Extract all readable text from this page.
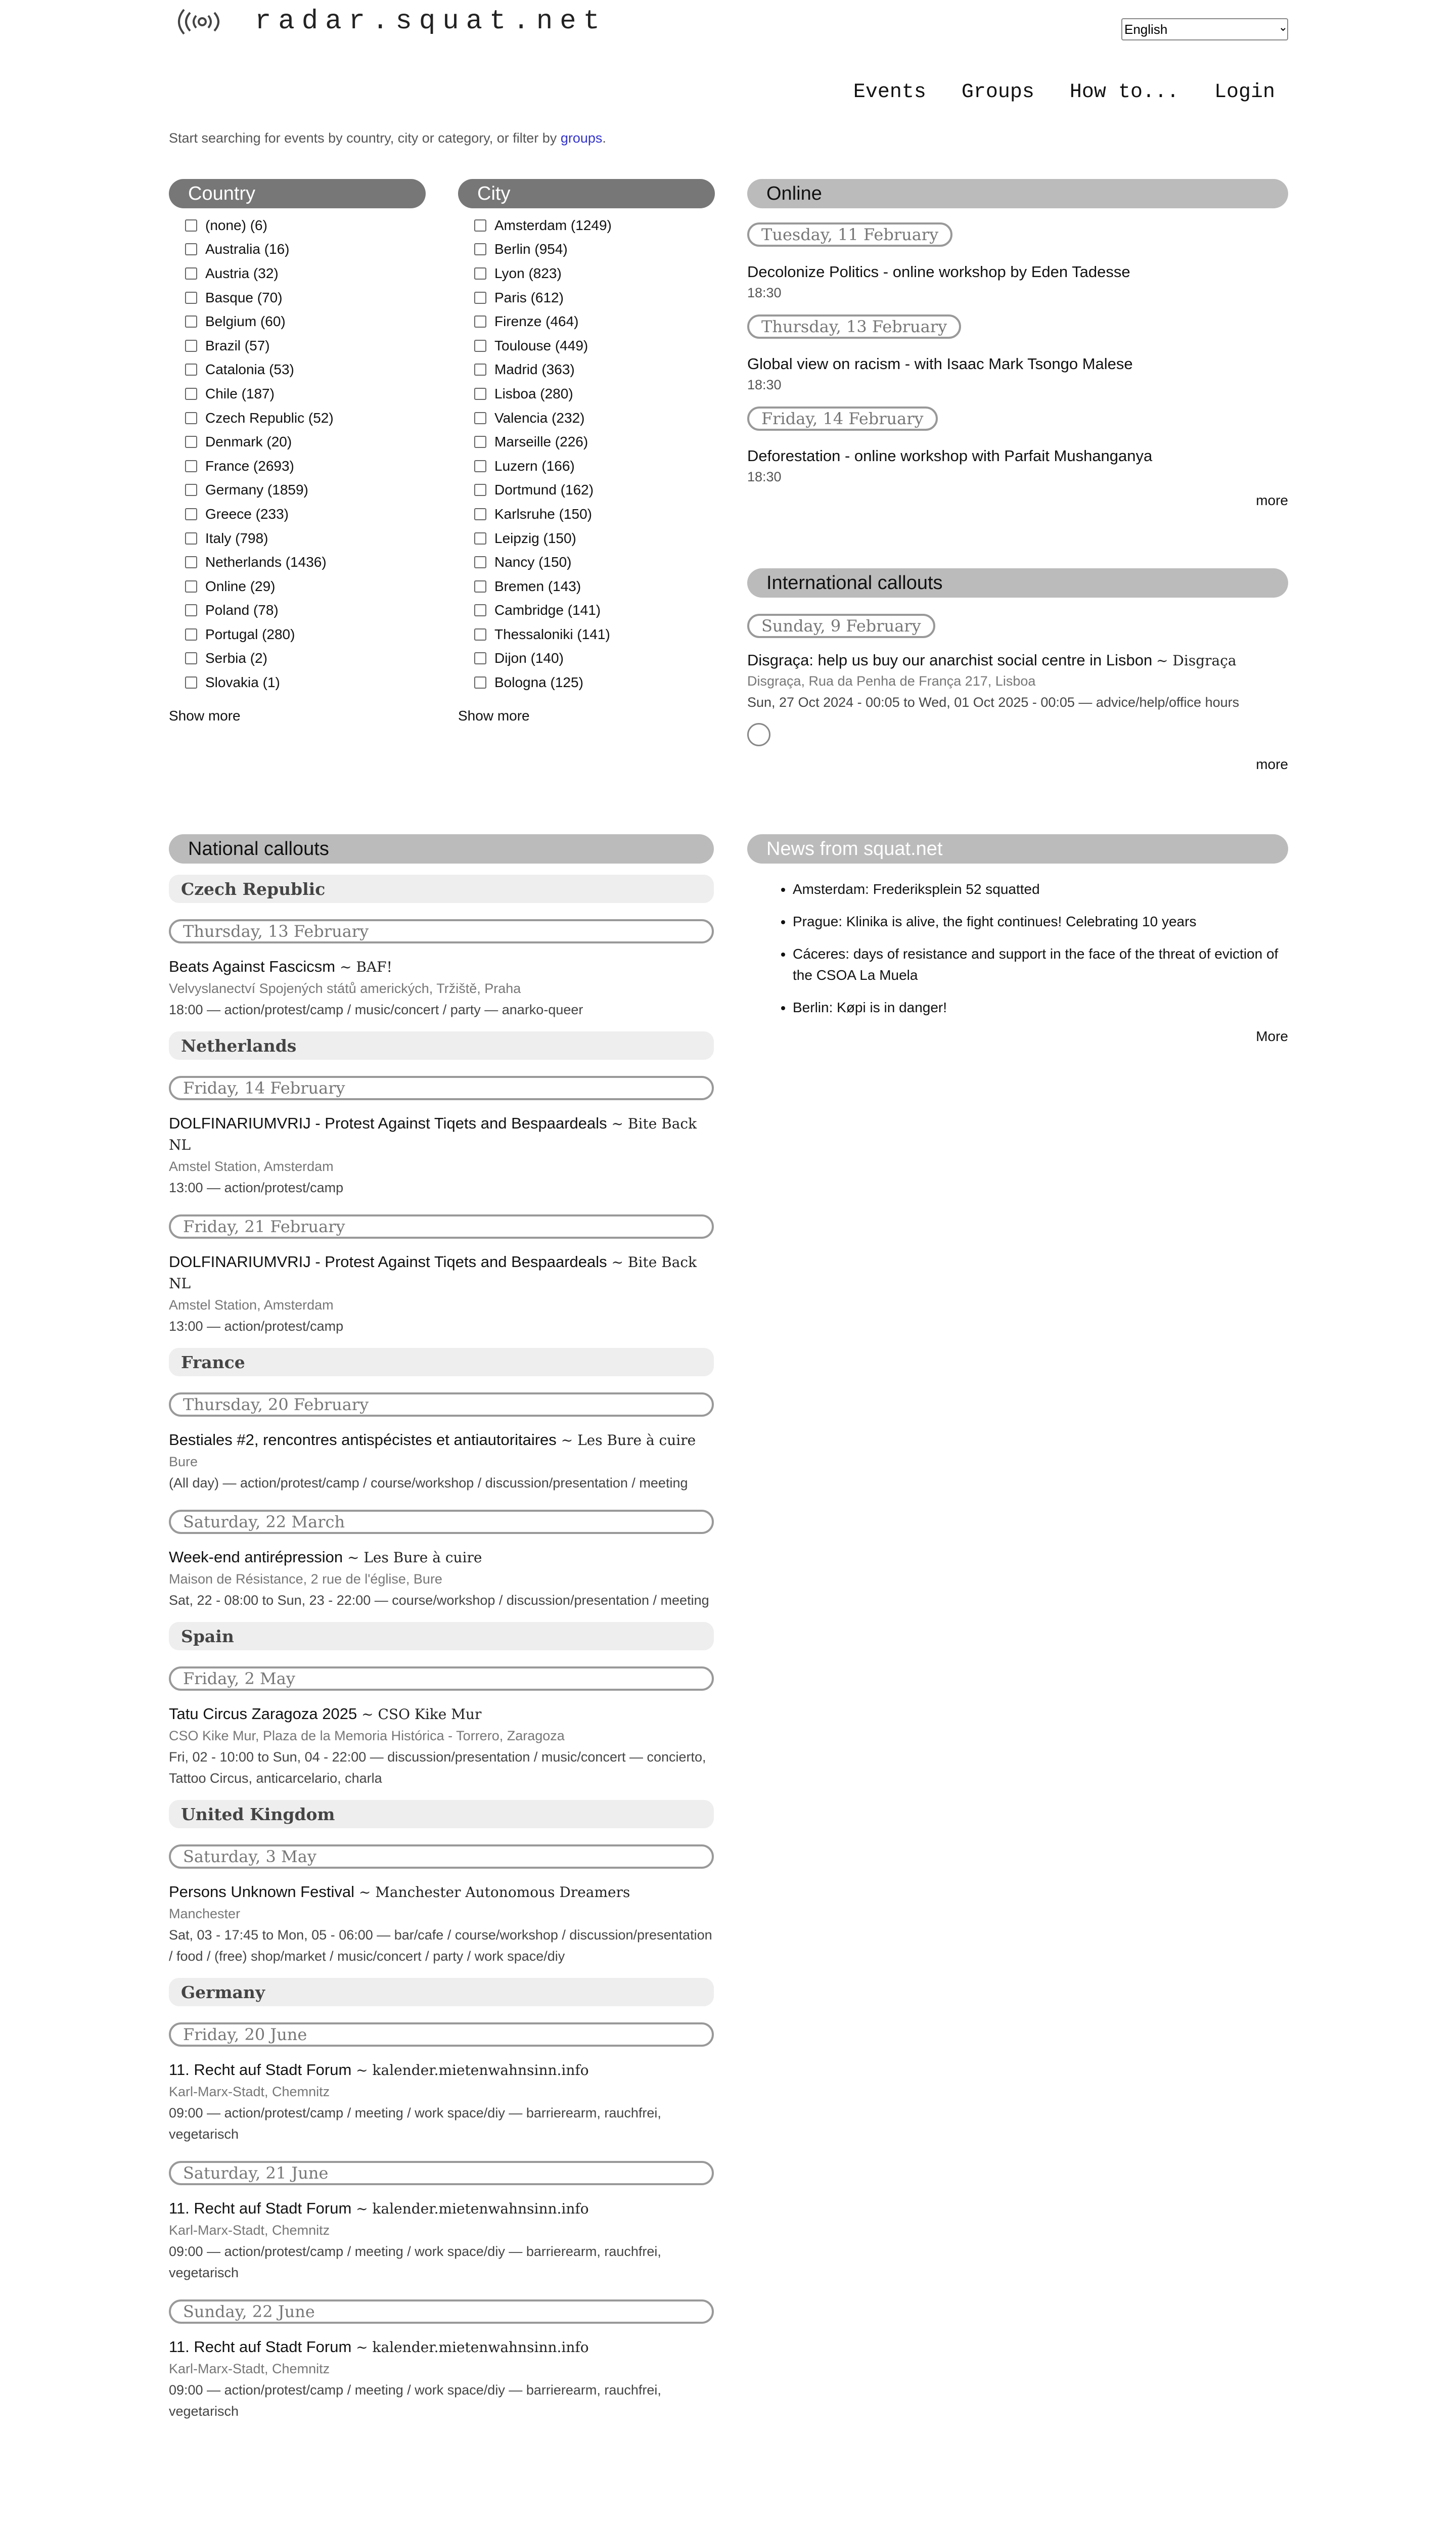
radar.squat.net
English
Events Groups How to... Login

Start searching for events by country, city or category, or filter by groups.

Country
(none) (6)
Australia (16)
Austria (32)
Basque (70)
Belgium (60)
Brazil (57)
Catalonia (53)
Chile (187)
Czech Republic (52)
Denmark (20)
France (2693)
Germany (1859)
Greece (233)
Italy (798)
Netherlands (1436)
Online (29)
Poland (78)
Portugal (280)
Serbia (2)
Slovakia (1)
Show more
City
Amsterdam (1249)
Berlin (954)
Lyon (823)
Paris (612)
Firenze (464)
Toulouse (449)
Madrid (363)
Lisboa (280)
Valencia (232)
Marseille (226)
Luzern (166)
Dortmund (162)
Karlsruhe (150)
Leipzig (150)
Nancy (150)
Bremen (143)
Cambridge (141)
Thessaloniki (141)
Dijon (140)
Bologna (125)
Show more
Online
Tuesday, 11 February
Decolonize Politics - online workshop by Eden Tadesse
18:30
Thursday, 13 February
Global view on racism - with Isaac Mark Tsongo Malese
18:30
Friday, 14 February
Deforestation - online workshop with Parfait Mushanganya
18:30
more
International callouts
Sunday, 9 February
Disgraça: help us buy our anarchist social centre in Lisbon ~ Disgraça
Disgraça, Rua da Penha de França 217, Lisboa
Sun, 27 Oct 2024 - 00:05 to Wed, 01 Oct 2025 - 00:05 — advice/help/office hours
more
National callouts
Czech Republic
Thursday, 13 February
Beats Against Fascicsm ~ BAF!
Velvyslanectví Spojených států amerických, Tržiště, Praha
18:00 — action/protest/camp / music/concert / party — anarko-queer
Netherlands
Friday, 14 February
DOLFINARIUMVRIJ - Protest Against Tiqets and Bespaardeals ~ Bite Back NL
Amstel Station, Amsterdam
13:00 — action/protest/camp
Friday, 21 February
DOLFINARIUMVRIJ - Protest Against Tiqets and Bespaardeals ~ Bite Back NL
Amstel Station, Amsterdam
13:00 — action/protest/camp
France
Thursday, 20 February
Bestiales #2, rencontres antispécistes et antiautoritaires ~ Les Bure à cuire
Bure
(All day) — action/protest/camp / course/workshop / discussion/presentation / meeting
Saturday, 22 March
Week-end antirépression ~ Les Bure à cuire
Maison de Résistance, 2 rue de l'église, Bure
Sat, 22 - 08:00 to Sun, 23 - 22:00 — course/workshop / discussion/presentation / meeting
Spain
Friday, 2 May
Tatu Circus Zaragoza 2025 ~ CSO Kike Mur
CSO Kike Mur, Plaza de la Memoria Histórica - Torrero, Zaragoza
Fri, 02 - 10:00 to Sun, 04 - 22:00 — discussion/presentation / music/concert — concierto, Tattoo Circus, anticarcelario, charla
United Kingdom
Saturday, 3 May
Persons Unknown Festival ~ Manchester Autonomous Dreamers
Manchester
Sat, 03 - 17:45 to Mon, 05 - 06:00 — bar/cafe / course/workshop / discussion/presentation / food / (free) shop/market / music/concert / party / work space/diy
Germany
Friday, 20 June
11. Recht auf Stadt Forum ~ kalender.mietenwahnsinn.info
Karl-Marx-Stadt, Chemnitz
09:00 — action/protest/camp / meeting / work space/diy — barrierearm, rauchfrei, vegetarisch
Saturday, 21 June
11. Recht auf Stadt Forum ~ kalender.mietenwahnsinn.info
Karl-Marx-Stadt, Chemnitz
09:00 — action/protest/camp / meeting / work space/diy — barrierearm, rauchfrei, vegetarisch
Sunday, 22 June
11. Recht auf Stadt Forum ~ kalender.mietenwahnsinn.info
Karl-Marx-Stadt, Chemnitz
09:00 — action/protest/camp / meeting / work space/diy — barrierearm, rauchfrei, vegetarisch
News from squat.net
• Amsterdam: Frederiksplein 52 squatted
• Prague: Klinika is alive, the fight continues! Celebrating 10 years
• Cáceres: days of resistance and support in the face of the threat of eviction of the CSOA La Muela
• Berlin: Køpi is in danger!
More
